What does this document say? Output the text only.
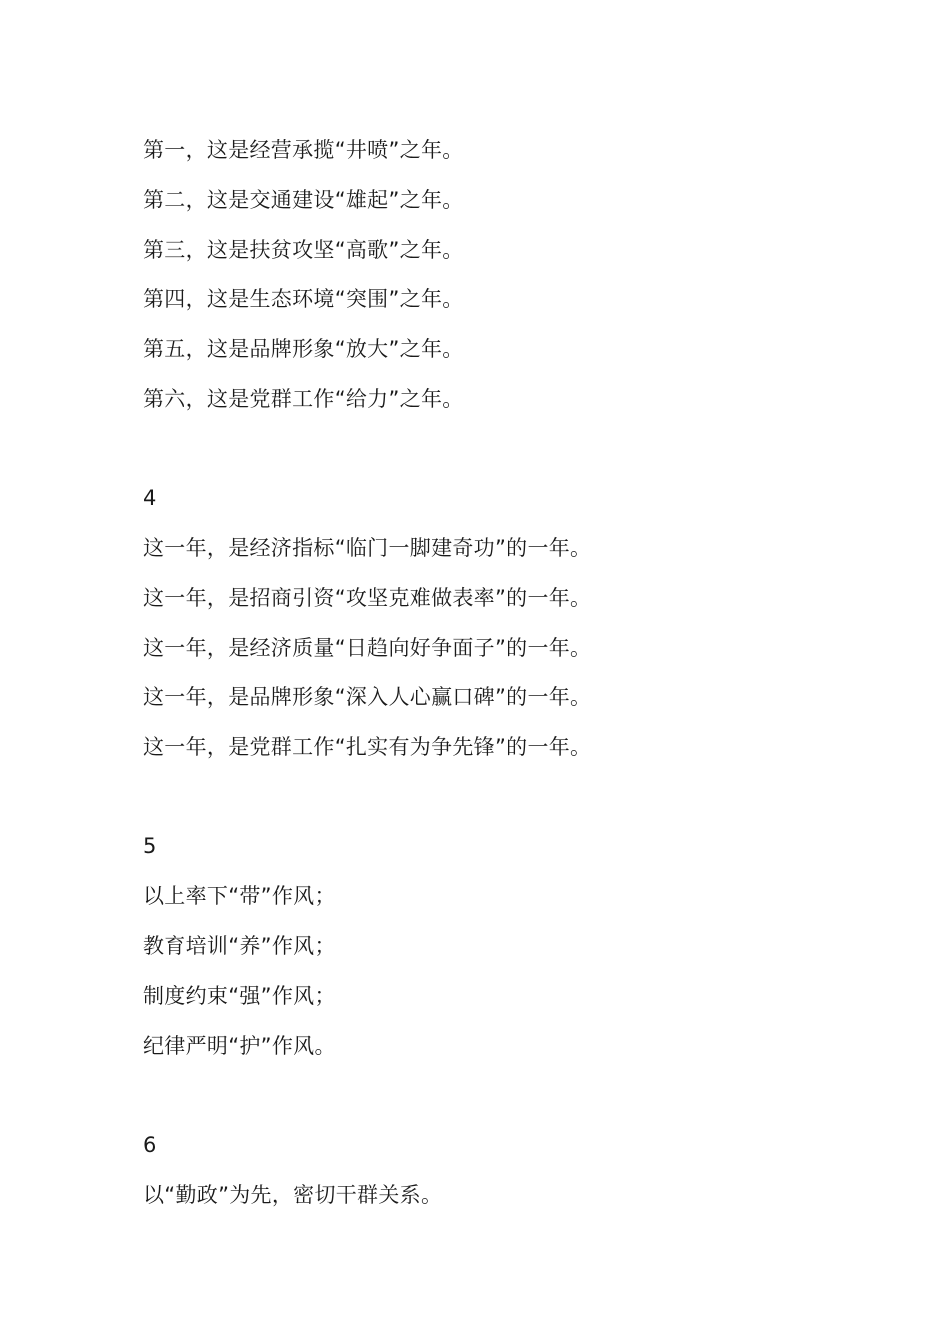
第一，这是经营承揽“井喷”之年。
第二，这是交通建设“雄起”之年。
第三，这是扶贫攻坚“高歌”之年。
第四，这是生态环境“突围”之年。
第五，这是品牌形象“放大”之年。
第六，这是党群工作“给力”之年。
4
这一年，是经济指标“临门一脚建奇功”的一年。
这一年，是招商引资“攻坚克难做表率”的一年。
这一年，是经济质量“日趋向好争面子”的一年。
这一年，是品牌形象“深入人心赢口碑”的一年。
这一年，是党群工作“扎实有为争先锋”的一年。
5
以上率下“带”作风；
教育培训“养”作风；
制度约束“强”作风；
纪律严明“护”作风。
6
以“勤政”为先，密切干群关系。
